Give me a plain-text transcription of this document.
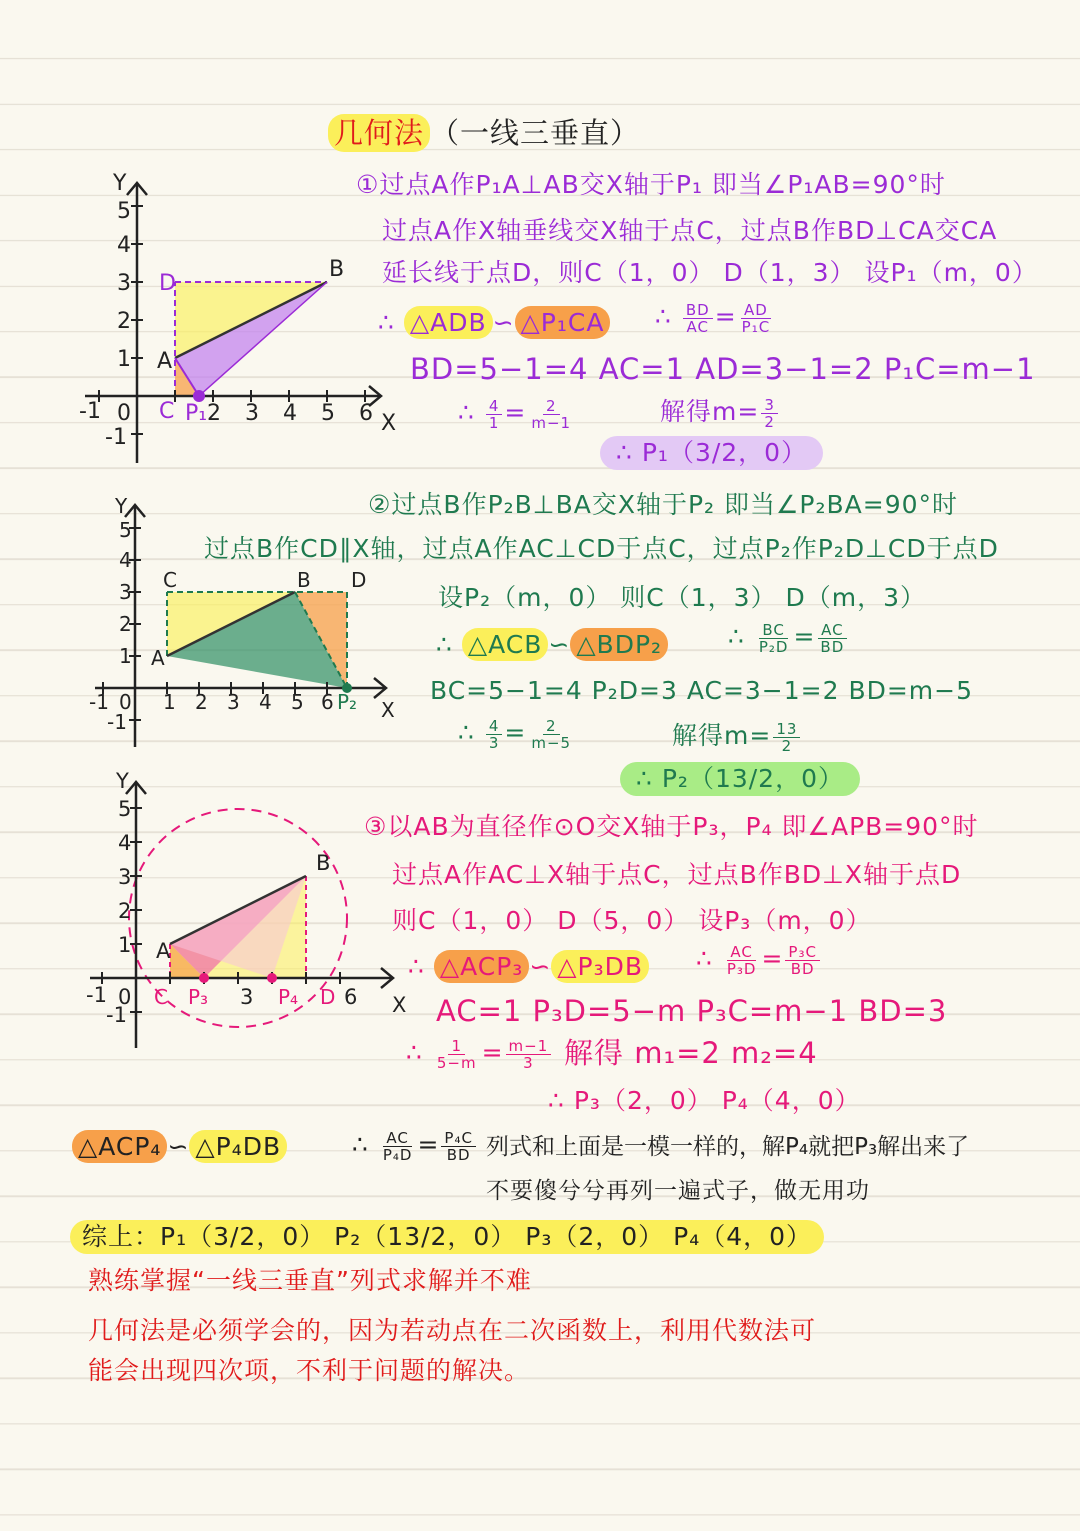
几何法 （一线三垂直）
X
Y
-1 0	2 3 4 5 6
-1
1
2
3
4
5
A
B
C
D
P₁
①过点A作P₁A⊥AB交X轴于P₁ 即当∠P₁AB=90°时
过点A作X轴垂线交X轴于点C，过点B作BD⊥CA交CA
延长线于点D，则C（1，0） D（1，3） 设P₁（m，0）
∴ △ADB ∽ △P₁CA ∴ $\frac{BD}{AC} = \frac{AD}{\text{P₁C}}$
BD=5−1=4 AC=1 AD=3−1=2 P₁C=m−1
∴ $\frac{4}{1} = \frac{2}{m-1}$	解得$m= \frac{3}{2}$
∴ P₁（3/2，0）
X
Y
-1 0 1 2 3 4 5 6
-1
1
2
3
4
5
A
B
C	D
P₂
②过点B作P₂B⊥BA交X轴于P₂ 即当∠P₂BA=90°时
过点B作CD∥X轴，过点A作AC⊥CD于点C，过点P₂作P₂D⊥CD于点D
设P₂（m，0） 则C（1，3） D（m，3）
∴ △ACB ∽ △BDP₂	∴ $\frac{BC}{\text{P₂D}} = \frac{AC}{BD}$
BC=5−1=4 P₂D=3 AC=3−1=2 BD=m−5
∴ $\frac{4}{3} = \frac{2}{m-5}$	解得$m= \frac{13}{2}$
∴ P₂（13/2，0）
X
Y
-1 0	3	6
-1
1
2
3
4
5
A
B
C P₃	P₄ D
③以AB为直径作⊙O交X轴于P₃，P₄ 即∠APB=90°时
过点A作AC⊥X轴于点C，过点B作BD⊥X轴于点D
则C（1，0） D（5，0） 设P₃（m，0）
∴ △ACP₃ ∽ △P₃DB ∴ $\frac{AC}{\text{P₃D}} = \frac{\text{P₃C}}{BD}$
AC=1 P₃D=5−m P₃C=m−1 BD=3
∴ $\frac{1}{5-m} = \frac{m-1}{3}$ 解得 m₁=2 m₂=4
∴ P₃（2，0） P₄（4，0）
△ACP₄ ∽ △P₄DB	∴ $\frac{AC}{\text{P₄D}} = \frac{\text{P₄C}}{BD}$ 列式和上面是一模一样的，解P₄就把P₃解出来了
不要傻兮兮再列一遍式子，做无用功
综上：P₁（3/2，0） P₂（13/2，0） P₃（2，0） P₄（4，0）
熟练掌握“一线三垂直”列式求解并不难
几何法是必须学会的，因为若动点在二次函数上，利用代数法可
能会出现四次项，不利于问题的解决。
